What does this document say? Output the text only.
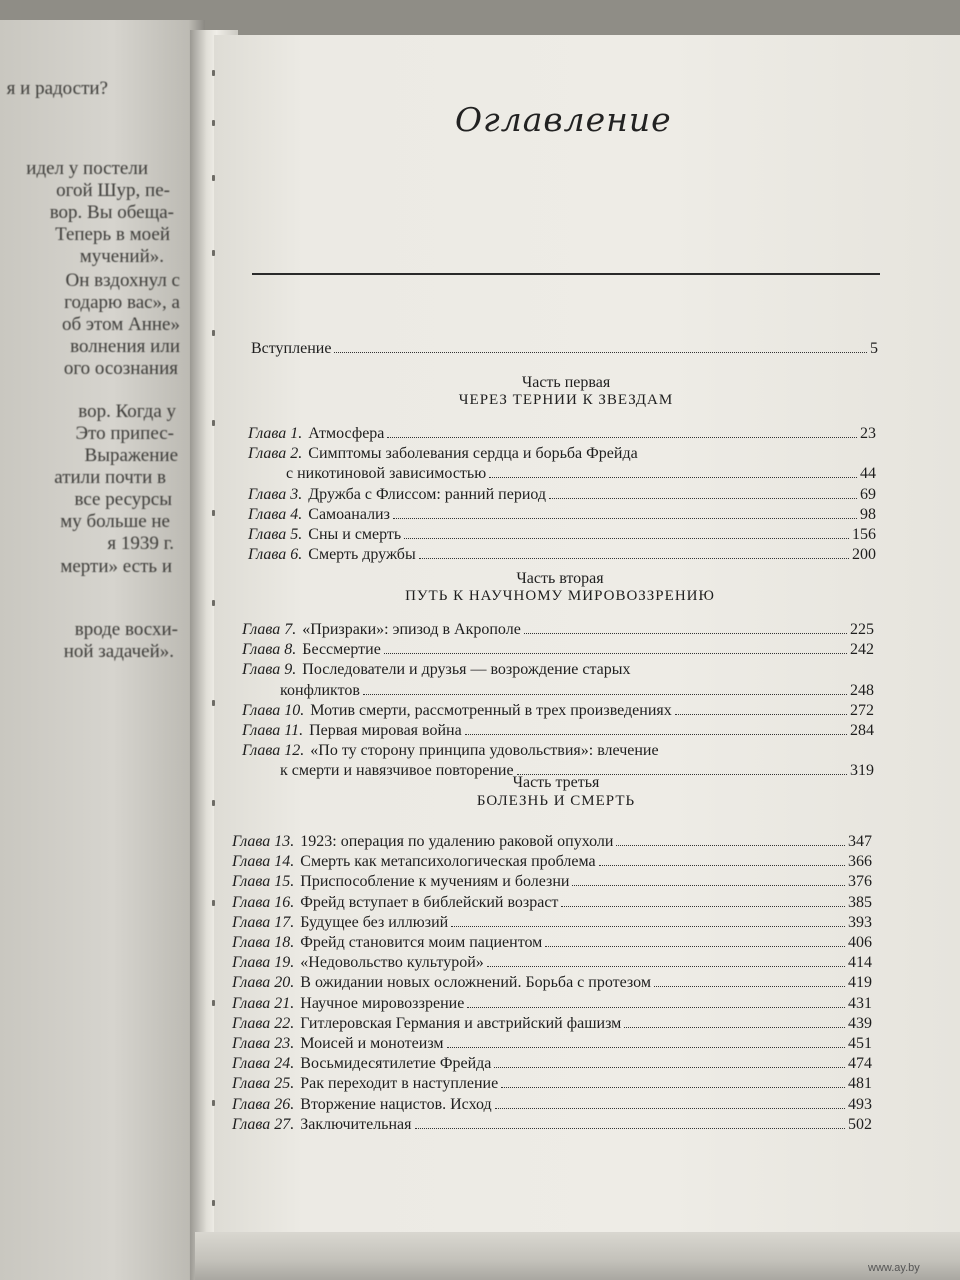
я и радости?
идел у постели
огой Шур, пе-
вор. Вы обеща-
Теперь в моей
мучений».
Он вздохнул с
годарю вас», а
об этом Анне»
волнения или
ого осознания
вор. Когда у
Это припес-
Выражение
атили почти в
все ресурсы
му больше не
я 1939 г.
мерти» есть и
вроде восхи-
ной задачей».
Оглавление
Вступление	5
Часть первая
ЧЕРЕЗ ТЕРНИИ К ЗВЕЗДАМ
Глава 1. Атмосфера	23
Глава 2. Симптомы заболевания сердца и борьба Фрейда
с никотиновой зависимостью	44
Глава 3. Дружба с Флиссом: ранний период	69
Глава 4. Самоанализ	98
Глава 5. Сны и смерть	156
Глава 6. Смерть дружбы	200
Часть вторая
ПУТЬ К НАУЧНОМУ МИРОВОЗЗРЕНИЮ
Глава 7. «Призраки»: эпизод в Акрополе	225
Глава 8. Бессмертие	242
Глава 9. Последователи и друзья — возрождение старых
конфликтов	248
Глава 10. Мотив смерти, рассмотренный в трех произведениях	272
Глава 11. Первая мировая война	284
Глава 12. «По ту сторону принципа удовольствия»: влечение
к смерти и навязчивое повторение	319
Часть третья
БОЛЕЗНЬ И СМЕРТЬ
Глава 13. 1923: операция по удалению раковой опухоли	347
Глава 14. Смерть как метапсихологическая проблема	366
Глава 15. Приспособление к мучениям и болезни	376
Глава 16. Фрейд вступает в библейский возраст	385
Глава 17. Будущее без иллюзий	393
Глава 18. Фрейд становится моим пациентом	406
Глава 19. «Недовольство культурой»	414
Глава 20. В ожидании новых осложнений. Борьба с протезом	419
Глава 21. Научное мировоззрение	431
Глава 22. Гитлеровская Германия и австрийский фашизм	439
Глава 23. Моисей и монотеизм	451
Глава 24. Восьмидесятилетие Фрейда	474
Глава 25. Рак переходит в наступление	481
Глава 26. Вторжение нацистов. Исход	493
Глава 27. Заключительная	502
www.ay.by
